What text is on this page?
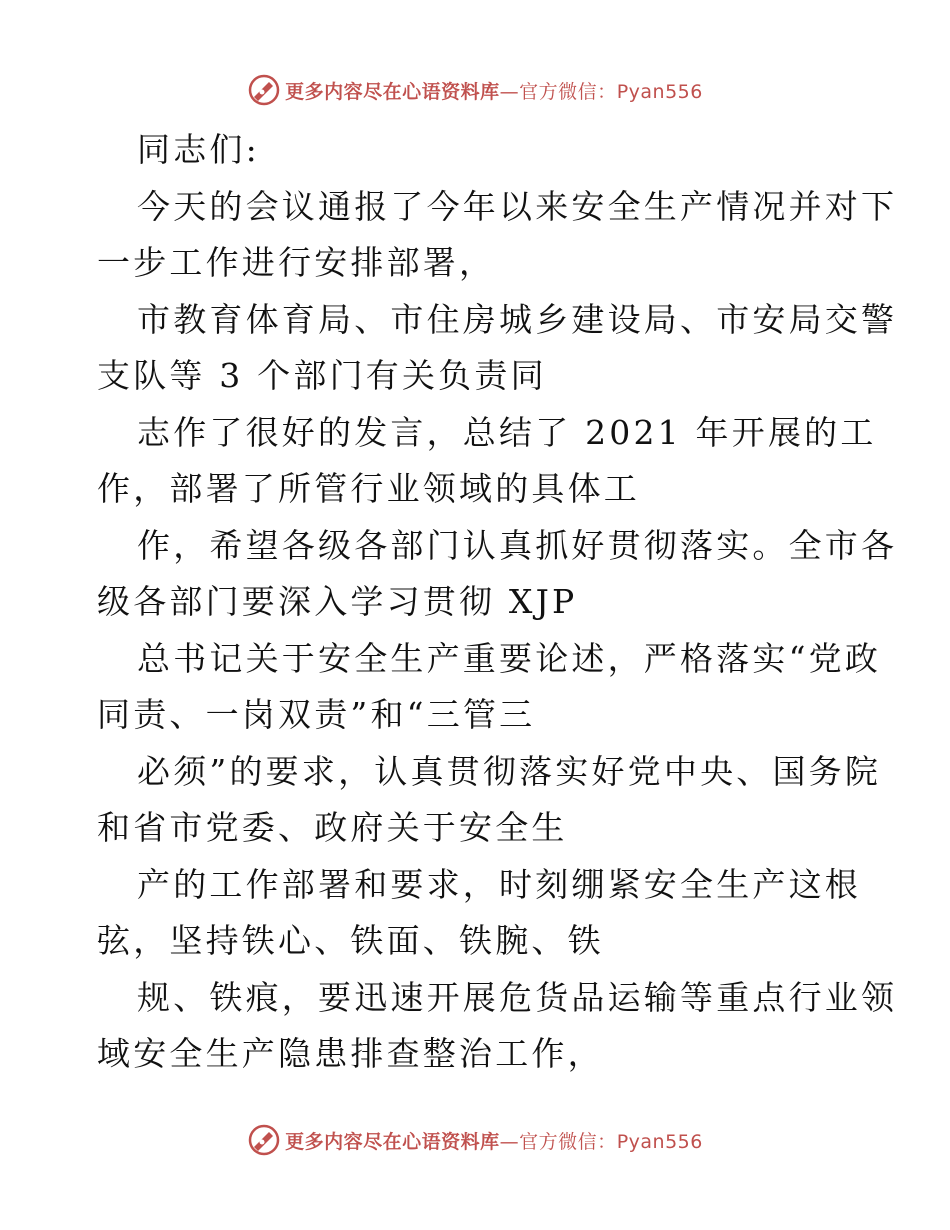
更多内容尽在心语资料库—官方微信：Pyan556
同志们:
今天的会议通报了今年以来安全生产情况并对下
一步工作进行安排部署，
市教育体育局、市住房城乡建设局、市安局交警
支队等 3 个部门有关负责同
志作了很好的发言，总结了 2021 年开展的工
作，部署了所管行业领域的具体工
作，希望各级各部门认真抓好贯彻落实。全市各
级各部门要深入学习贯彻 XJP
总书记关于安全生产重要论述，严格落实“党政
同责、一岗双责”和“三管三
必须”的要求，认真贯彻落实好党中央、国务院
和省市党委、政府关于安全生
产的工作部署和要求，时刻绷紧安全生产这根
弦，坚持铁心、铁面、铁腕、铁
规、铁痕，要迅速开展危货品运输等重点行业领
域安全生产隐患排查整治工作，
更多内容尽在心语资料库—官方微信：Pyan556
